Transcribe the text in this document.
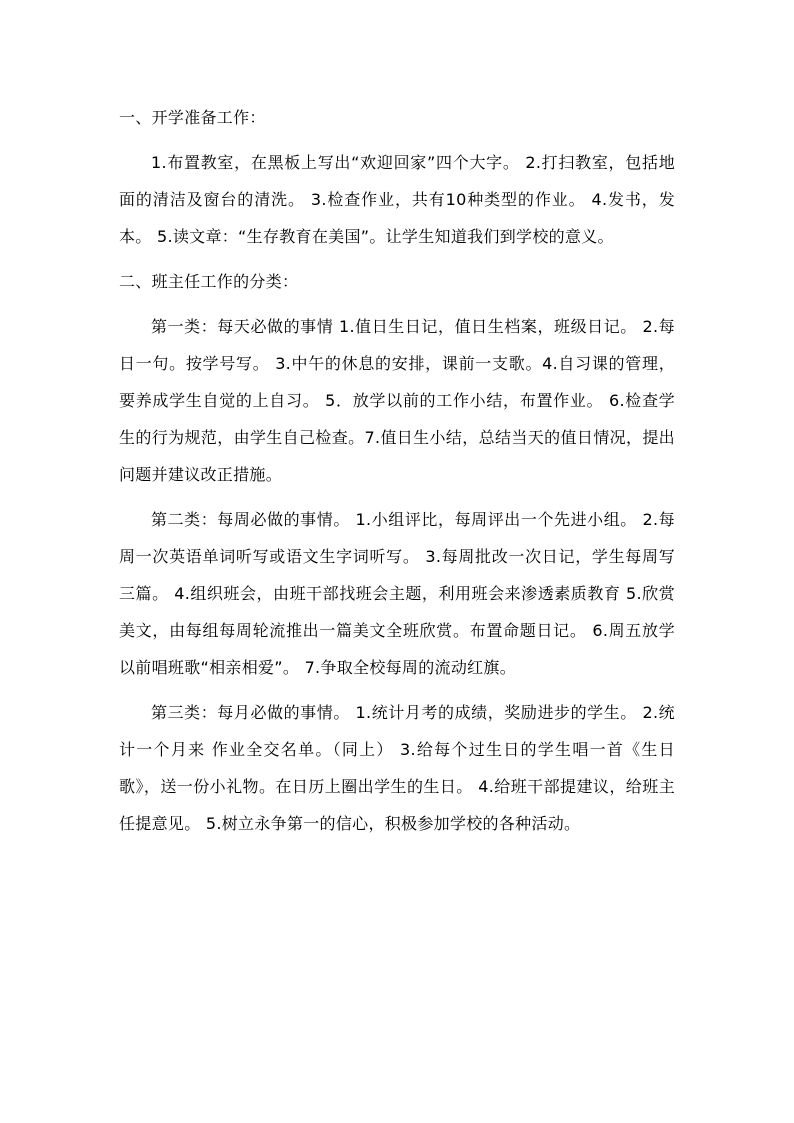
一、开学准备工作：

1.布置教室，在黑板上写出“欢迎回家”四个大字。 2.打扫教室，包括地面的清洁及窗台的清洗。 3.检查作业，共有10种类型的作业。 4.发书，发本。 5.读文章：“生存教育在美国”。让学生知道我们到学校的意义。

二、班主任工作的分类：

第一类：每天必做的事情 1.值日生日记，值日生档案，班级日记。 2.每日一句。按学号写。 3.中午的休息的安排，课前一支歌。4.自习课的管理，要养成学生自觉的上自习。 5．放学以前的工作小结，布置作业。 6.检查学生的行为规范，由学生自己检查。7.值日生小结，总结当天的值日情况，提出问题并建议改正措施。

第二类：每周必做的事情。 1.小组评比，每周评出一个先进小组。 2.每周一次英语单词听写或语文生字词听写。 3.每周批改一次日记，学生每周写三篇。 4.组织班会，由班干部找班会主题，利用班会来渗透素质教育 5.欣赏美文，由每组每周轮流推出一篇美文全班欣赏。布置命题日记。 6.周五放学以前唱班歌“相亲相爱”。 7.争取全校每周的流动红旗。

第三类：每月必做的事情。 1.统计月考的成绩，奖励进步的学生。 2.统计一个月来 作业全交名单。（同上） 3.给每个过生日的学生唱一首《生日歌》，送一份小礼物。在日历上圈出学生的生日。 4.给班干部提建议，给班主任提意见。 5.树立永争第一的信心，积极参加学校的各种活动。
